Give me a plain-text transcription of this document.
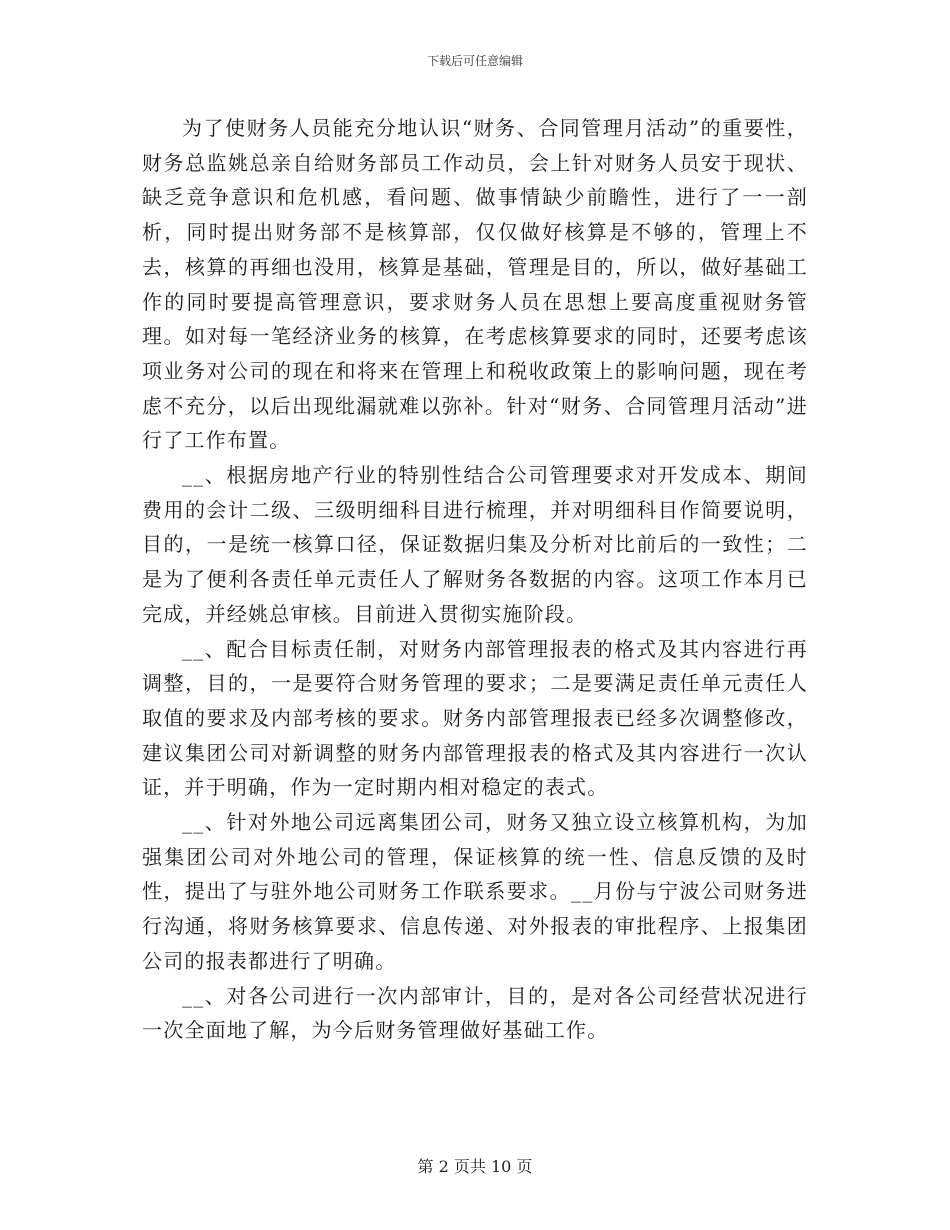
下载后可任意编辑

为了使财务人员能充分地认识“财务、合同管理月活动”的重要性，财务总监姚总亲自给财务部员工作动员，会上针对财务人员安于现状、缺乏竞争意识和危机感，看问题、做事情缺少前瞻性，进行了一一剖析，同时提出财务部不是核算部，仅仅做好核算是不够的，管理上不去，核算的再细也没用，核算是基础，管理是目的，所以，做好基础工作的同时要提高管理意识，要求财务人员在思想上要高度重视财务管理。如对每一笔经济业务的核算，在考虑核算要求的同时，还要考虑该项业务对公司的现在和将来在管理上和税收政策上的影响问题，现在考虑不充分，以后出现纰漏就难以弥补。针对“财务、合同管理月活动”进行了工作布置。

__、根据房地产行业的特别性结合公司管理要求对开发成本、期间费用的会计二级、三级明细科目进行梳理，并对明细科目作简要说明，目的，一是统一核算口径，保证数据归集及分析对比前后的一致性；二是为了便利各责任单元责任人了解财务各数据的内容。这项工作本月已完成，并经姚总审核。目前进入贯彻实施阶段。

__、配合目标责任制，对财务内部管理报表的格式及其内容进行再调整，目的，一是要符合财务管理的要求；二是要满足责任单元责任人取值的要求及内部考核的要求。财务内部管理报表已经多次调整修改，建议集团公司对新调整的财务内部管理报表的格式及其内容进行一次认证，并于明确，作为一定时期内相对稳定的表式。

__、针对外地公司远离集团公司，财务又独立设立核算机构，为加强集团公司对外地公司的管理，保证核算的统一性、信息反馈的及时性，提出了与驻外地公司财务工作联系要求。__月份与宁波公司财务进行沟通，将财务核算要求、信息传递、对外报表的审批程序、上报集团公司的报表都进行了明确。

__、对各公司进行一次内部审计，目的，是对各公司经营状况进行一次全面地了解，为今后财务管理做好基础工作。

第 2 页共 10 页
